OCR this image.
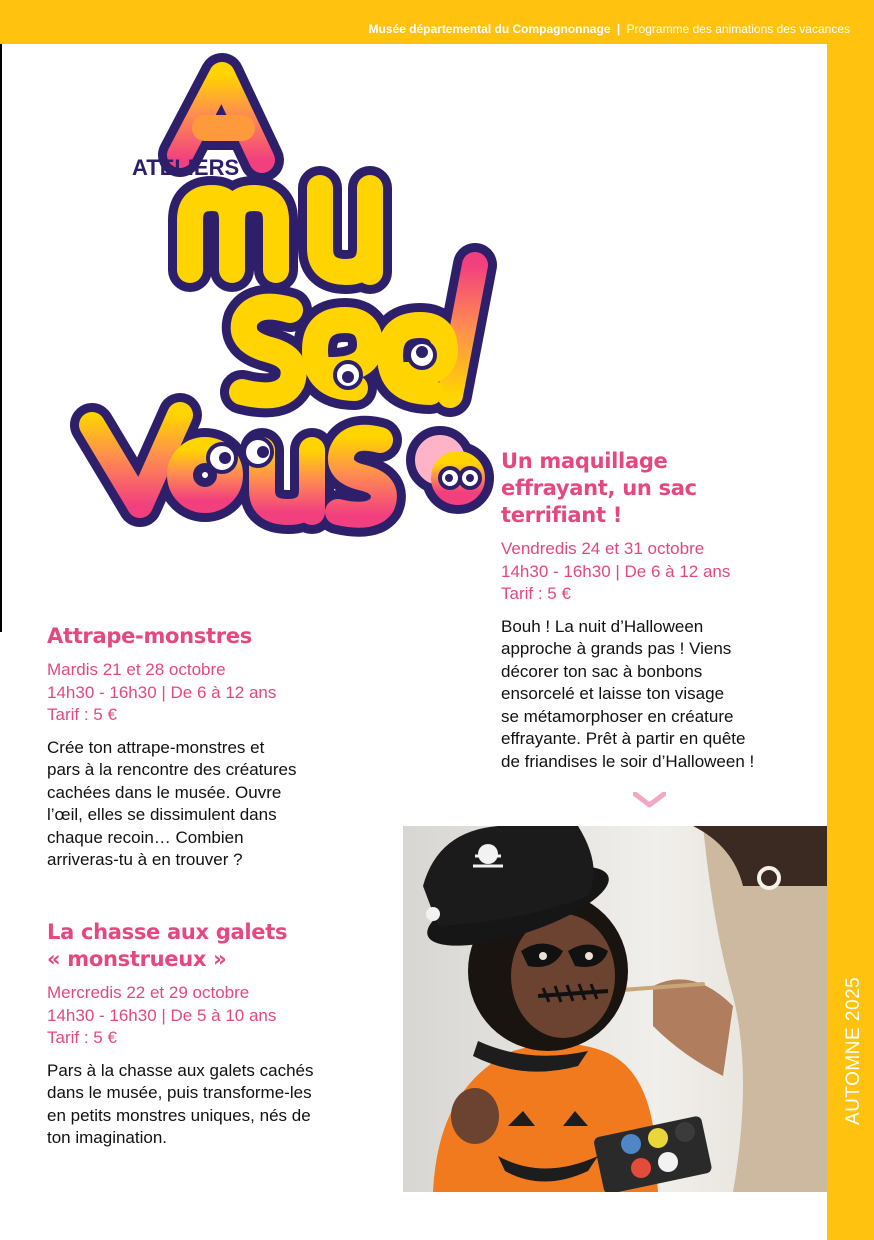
Musée départemental du Compagnonnage | Programme des animations des vacances
AUTOMNE 2025
ATELIERS
Attrape-monstres
Mardis 21 et 28 octobre
14h30 - 16h30 | De 6 à 12 ans
Tarif : 5 €
Crée ton attrape-monstres et
pars à la rencontre des créatures
cachées dans le musée. Ouvre
l’œil, elles se dissimulent dans
chaque recoin… Combien
arriveras-tu à en trouver ?
La chasse aux galets
« monstrueux »
Mercredis 22 et 29 octobre
14h30 - 16h30 | De 5 à 10 ans
Tarif : 5 €
Pars à la chasse aux galets cachés
dans le musée, puis transforme-les
en petits monstres uniques, nés de
ton imagination.
Un maquillage
effrayant, un sac
terrifiant !
Vendredis 24 et 31 octobre
14h30 - 16h30 | De 6 à 12 ans
Tarif : 5 €
Bouh ! La nuit d’Halloween
approche à grands pas ! Viens
décorer ton sac à bonbons
ensorcelé et laisse ton visage
se métamorphoser en créature
effrayante. Prêt à partir en quête
de friandises le soir d’Halloween !
